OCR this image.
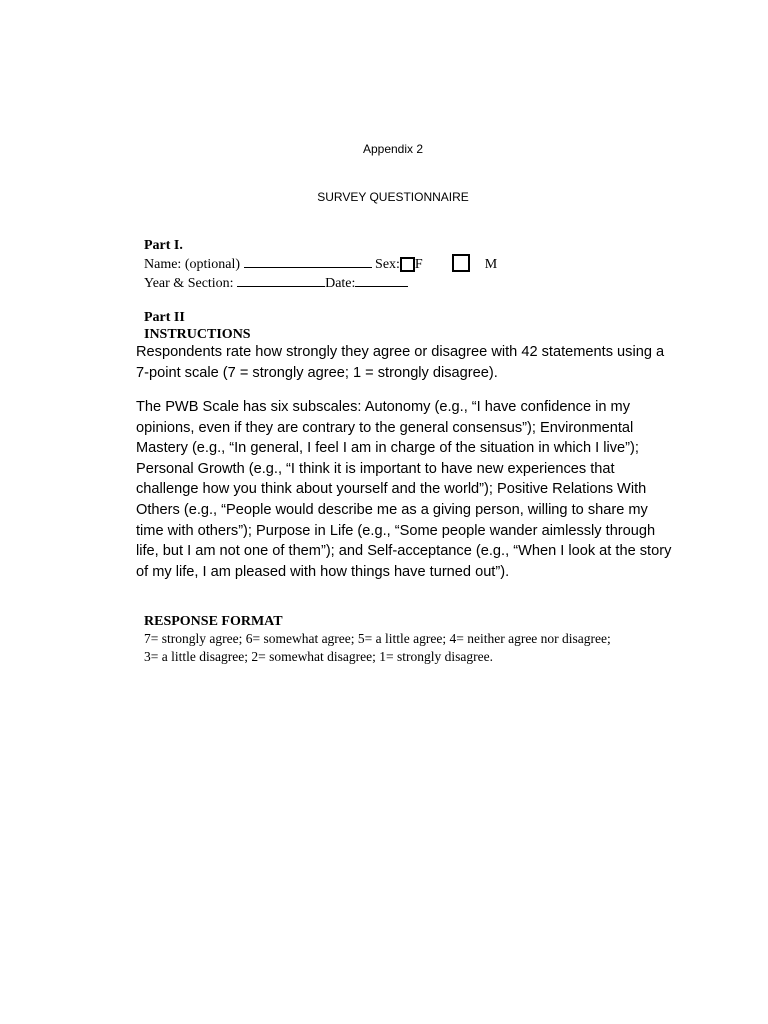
Appendix 2
SURVEY QUESTIONNAIRE
Part I.
Name: (optional)	Sex: F	M
Year & Section:	Date:
Part II
INSTRUCTIONS
Respondents rate how strongly they agree or disagree with 42 statements using a 7-point scale (7 = strongly agree; 1 = strongly disagree).
The PWB Scale has six subscales: Autonomy (e.g., “I have confidence in my opinions, even if they are contrary to the general consensus”); Environmental Mastery (e.g., “In general, I feel I am in charge of the situation in which I live”); Personal Growth (e.g., “I think it is important to have new experiences that challenge how you think about yourself and the world”); Positive Relations With Others (e.g., “People would describe me as a giving person, willing to share my time with others”); Purpose in Life (e.g., “Some people wander aimlessly through life, but I am not one of them”); and Self-acceptance (e.g., “When I look at the story of my life, I am pleased with how things have turned out”).
RESPONSE FORMAT
7= strongly agree; 6= somewhat agree; 5= a little agree; 4= neither agree nor disagree; 3= a little disagree; 2= somewhat disagree; 1= strongly disagree.
